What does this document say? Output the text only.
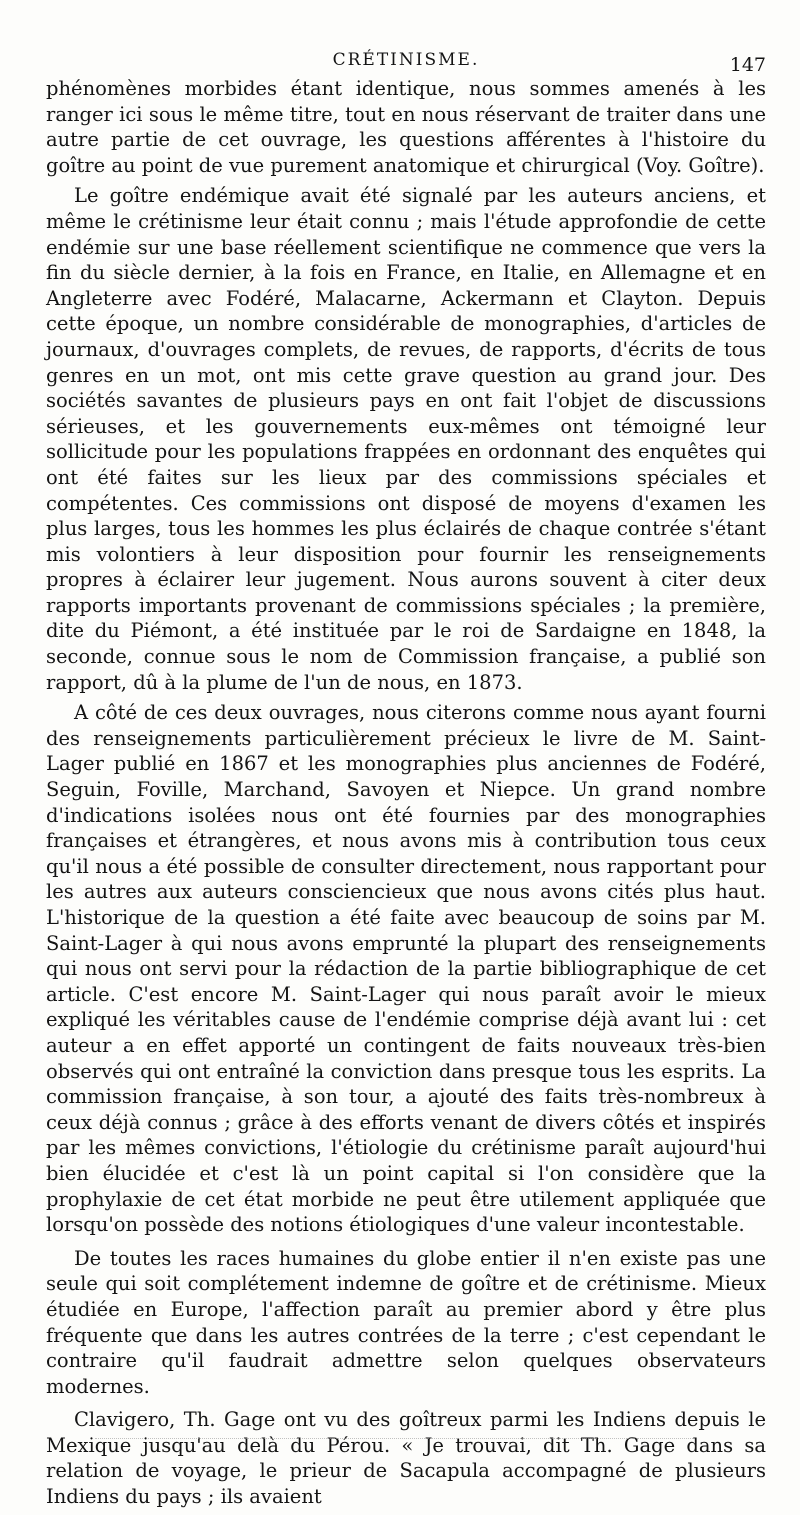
CRÉTINISME.	147

phénomènes morbides étant identique, nous sommes amenés à les ranger ici sous le même titre, tout en nous réservant de traiter dans une autre partie de cet ouvrage, les questions afférentes à l'histoire du goître au point de vue purement anatomique et chirurgical (Voy. Goître).

Le goître endémique avait été signalé par les auteurs anciens, et même le crétinisme leur était connu ; mais l'étude approfondie de cette endémie sur une base réellement scientifique ne commence que vers la fin du siècle dernier, à la fois en France, en Italie, en Allemagne et en Angleterre avec Fodéré, Malacarne, Ackermann et Clayton. Depuis cette époque, un nombre considérable de monographies, d'articles de journaux, d'ouvrages complets, de revues, de rapports, d'écrits de tous genres en un mot, ont mis cette grave question au grand jour. Des sociétés savantes de plusieurs pays en ont fait l'objet de discussions sérieuses, et les gouvernements eux-mêmes ont témoigné leur sollicitude pour les populations frappées en ordonnant des enquêtes qui ont été faites sur les lieux par des commissions spéciales et compétentes. Ces commissions ont disposé de moyens d'examen les plus larges, tous les hommes les plus éclairés de chaque contrée s'étant mis volontiers à leur disposition pour fournir les renseignements propres à éclairer leur jugement. Nous aurons souvent à citer deux rapports importants provenant de commissions spéciales ; la première, dite du Piémont, a été instituée par le roi de Sardaigne en 1848, la seconde, connue sous le nom de Commission française, a publié son rapport, dû à la plume de l'un de nous, en 1873.

A côté de ces deux ouvrages, nous citerons comme nous ayant fourni des renseignements particulièrement précieux le livre de M. Saint-Lager publié en 1867 et les monographies plus anciennes de Fodéré, Seguin, Foville, Marchand, Savoyen et Niepce. Un grand nombre d'indications isolées nous ont été fournies par des monographies françaises et étrangères, et nous avons mis à contribution tous ceux qu'il nous a été possible de consulter directement, nous rapportant pour les autres aux auteurs consciencieux que nous avons cités plus haut. L'historique de la question a été faite avec beaucoup de soins par M. Saint-Lager à qui nous avons emprunté la plupart des renseignements qui nous ont servi pour la rédaction de la partie bibliographique de cet article. C'est encore M. Saint-Lager qui nous paraît avoir le mieux expliqué les véritables cause de l'endémie comprise déjà avant lui : cet auteur a en effet apporté un contingent de faits nouveaux très-bien observés qui ont entraîné la conviction dans presque tous les esprits. La commission française, à son tour, a ajouté des faits très-nombreux à ceux déjà connus ; grâce à des efforts venant de divers côtés et inspirés par les mêmes convictions, l'étiologie du crétinisme paraît aujourd'hui bien élucidée et c'est là un point capital si l'on considère que la prophylaxie de cet état morbide ne peut être utilement appliquée que lorsqu'on possède des notions étiologiques d'une valeur incontestable.

De toutes les races humaines du globe entier il n'en existe pas une seule qui soit complétement indemne de goître et de crétinisme. Mieux étudiée en Europe, l'affection paraît au premier abord y être plus fréquente que dans les autres contrées de la terre ; c'est cependant le contraire qu'il faudrait admettre selon quelques observateurs modernes.

Clavigero, Th. Gage ont vu des goîtreux parmi les Indiens depuis le Mexique jusqu'au delà du Pérou. « Je trouvai, dit Th. Gage dans sa relation de voyage, le prieur de Sacapula accompagné de plusieurs Indiens du pays ; ils avaient
